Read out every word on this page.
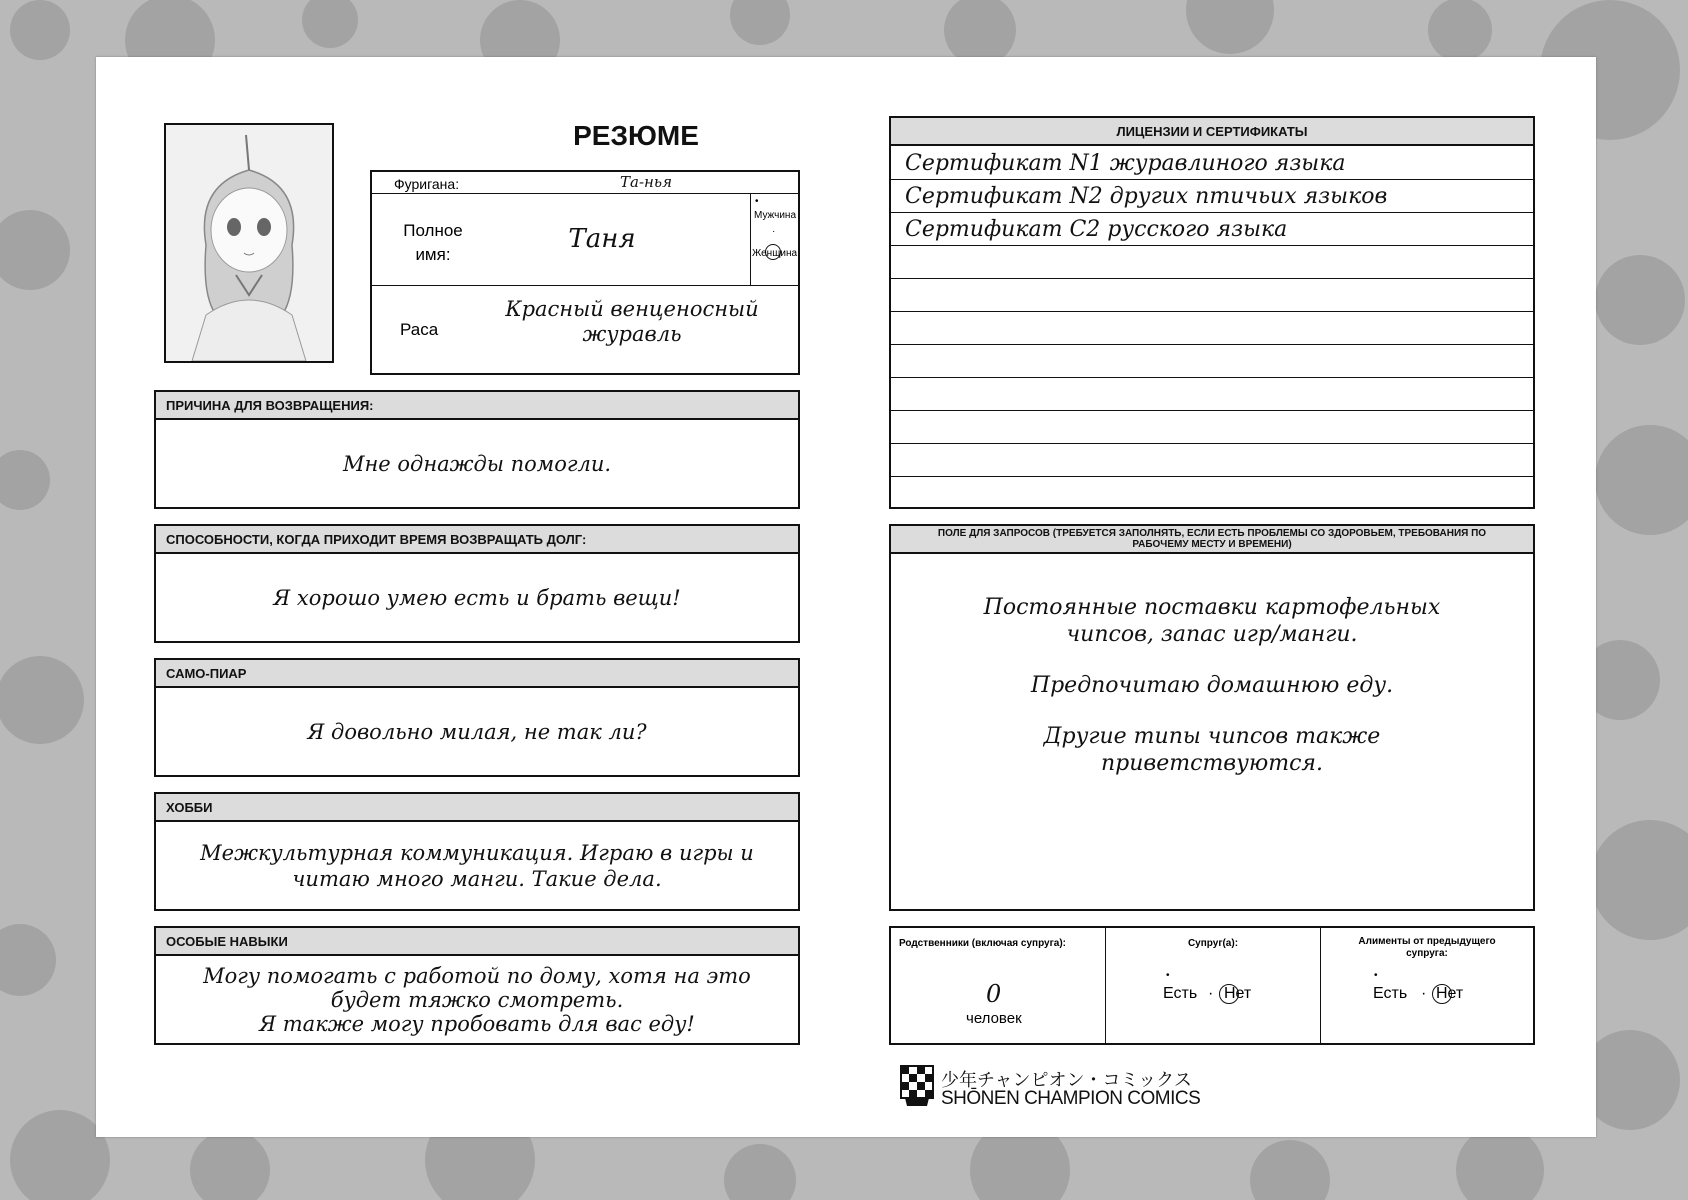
РЕЗЮМЕ
Фуригана:	Та-нья
•
Мужчина
·
Женщина
Полное
имя:
Таня
Раса
Красный венценосный
журавль
ПРИЧИНА ДЛЯ ВОЗВРАЩЕНИЯ:
Мне однажды помогли.
СПОСОБНОСТИ, КОГДА ПРИХОДИТ ВРЕМЯ ВОЗВРАЩАТЬ ДОЛГ:
Я хорошо умею есть и брать вещи!
САМО-ПИАР
Я довольно милая, не так ли?
ХОББИ
Межкультурная коммуникация. Играю в игры и
читаю много манги. Такие дела.
ОСОБЫЕ НАВЫКИ
Могу помогать с работой по дому, хотя на это
будет тяжко смотреть.
Я также могу пробовать для вас еду!
ЛИЦЕНЗИИ И СЕРТИФИКАТЫ
Сертификат N1 журавлиного языка
Сертификат N2 других птичьих языков
Сертификат C2 русского языка
ПОЛЕ ДЛЯ ЗАПРОСОВ (ТРЕБУЕТСЯ ЗАПОЛНЯТЬ, ЕСЛИ ЕСТЬ ПРОБЛЕМЫ СО ЗДОРОВЬЕМ, ТРЕБОВАНИЯ ПО
РАБОЧЕМУ МЕСТУ И ВРЕМЕНИ)
Постоянные поставки картофельных
чипсов, запас игр/манги.
Предпочитаю домашнюю еду.
Другие типы чипсов также
приветствуются.
Родственники (включая супруга):
0
человек
Супруг(а):
•
Есть · Нет
Алименты от предыдущего
супруга:
•
Есть · Нет
少年チャンピオン・コミックス
SHŌNEN CHAMPION COMICS
